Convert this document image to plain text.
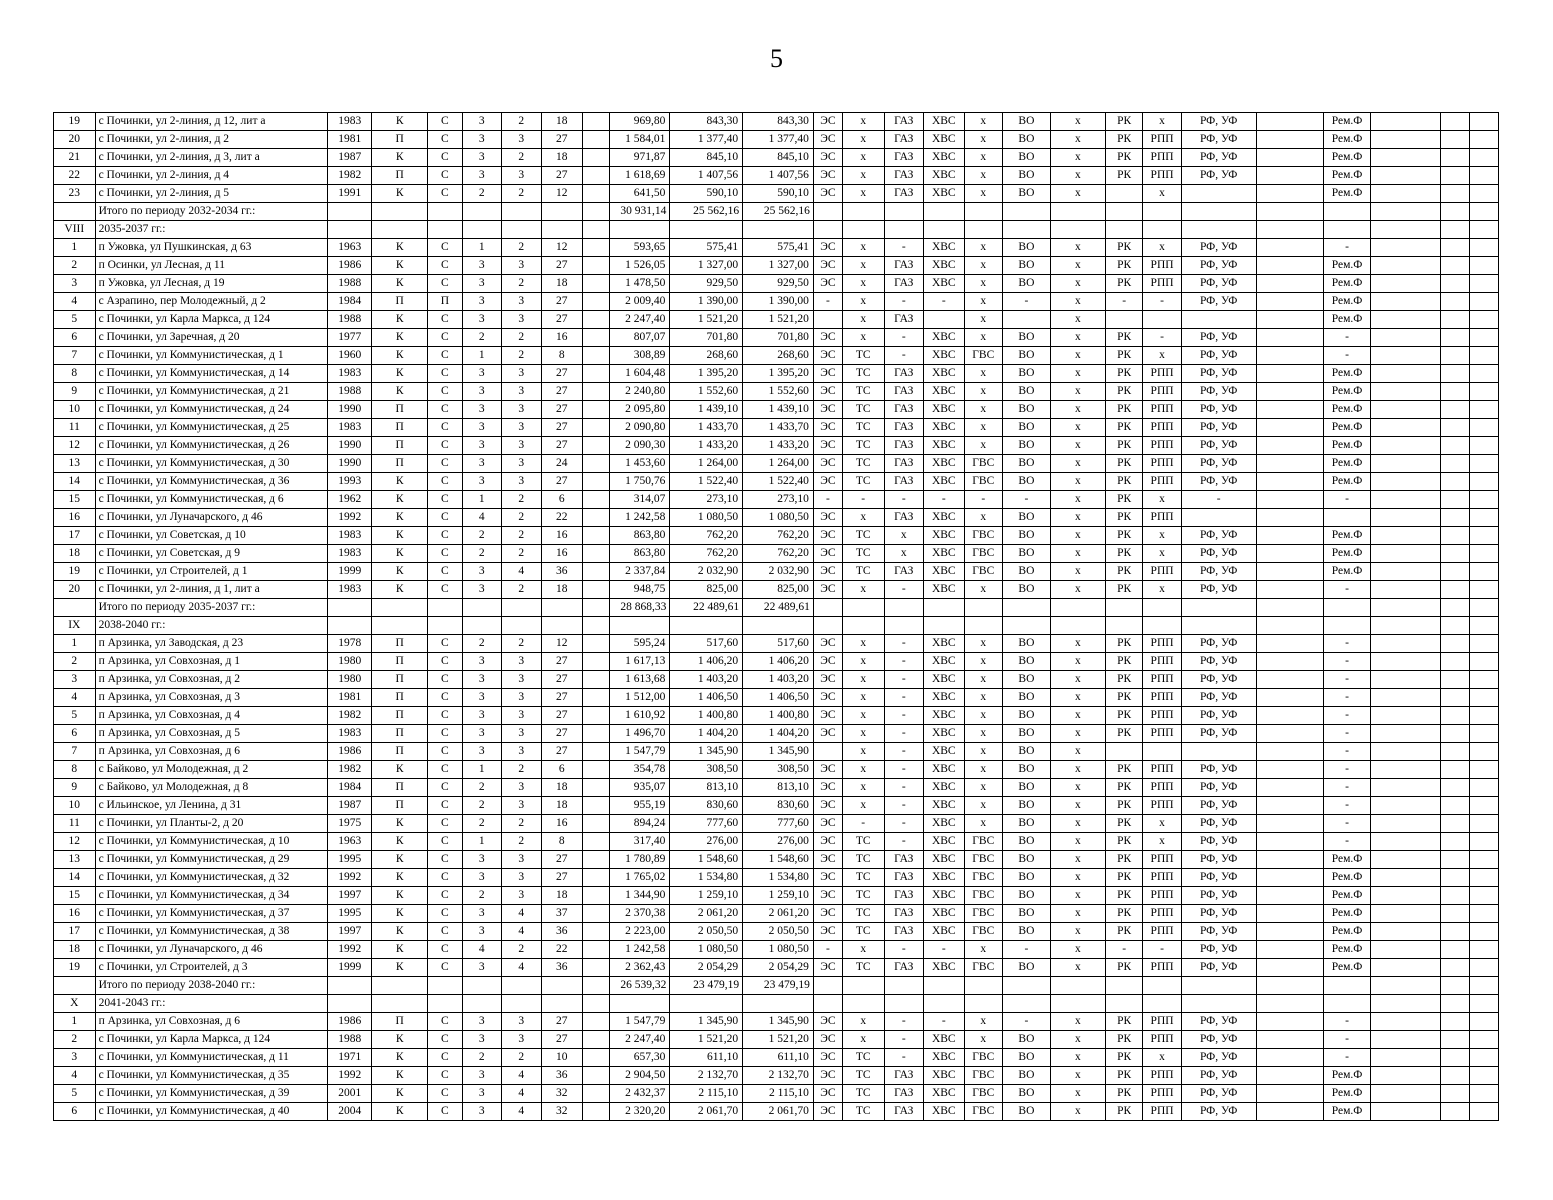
5
19	с Починки, ул 2-линия, д 12, лит а	1983	К	С	3	2	18		969,80	843,30	843,30	ЭС	х	ГАЗ	ХВС	х	ВО	х	РК	х	РФ, УФ		Рем.Ф			
20	с Починки, ул 2-линия, д 2	1981	П	С	3	3	27		1 584,01	1 377,40	1 377,40	ЭС	х	ГАЗ	ХВС	х	ВО	х	РК	РПП	РФ, УФ		Рем.Ф			
21	с Починки, ул 2-линия, д 3, лит а	1987	К	С	3	2	18		971,87	845,10	845,10	ЭС	х	ГАЗ	ХВС	х	ВО	х	РК	РПП	РФ, УФ		Рем.Ф			
22	с Починки, ул 2-линия, д 4	1982	П	С	3	3	27		1 618,69	1 407,56	1 407,56	ЭС	х	ГАЗ	ХВС	х	ВО	х	РК	РПП	РФ, УФ		Рем.Ф			
23	с Починки, ул 2-линия, д 5	1991	К	С	2	2	12		641,50	590,10	590,10	ЭС	х	ГАЗ	ХВС	х	ВО	х		х			Рем.Ф			
	Итого по периоду 2032-2034 гг.:								30 931,14	25 562,16	25 562,16															
VIII	2035-2037 гг.:																									
1	п Ужовка, ул Пушкинская, д 63	1963	К	С	1	2	12		593,65	575,41	575,41	ЭС	х	-	ХВС	х	ВО	х	РК	х	РФ, УФ		-			
2	п Осинки, ул Лесная, д 11	1986	К	С	3	3	27		1 526,05	1 327,00	1 327,00	ЭС	х	ГАЗ	ХВС	х	ВО	х	РК	РПП	РФ, УФ		Рем.Ф			
3	п Ужовка, ул Лесная, д 19	1988	К	С	3	2	18		1 478,50	929,50	929,50	ЭС	х	ГАЗ	ХВС	х	ВО	х	РК	РПП	РФ, УФ		Рем.Ф			
4	с Азрапино, пер Молодежный, д 2	1984	П	П	3	3	27		2 009,40	1 390,00	1 390,00	-	х	-	-	х	-	х	-	-	РФ, УФ		Рем.Ф			
5	с Починки, ул Карла Маркса, д 124	1988	К	С	3	3	27		2 247,40	1 521,20	1 521,20		х	ГАЗ		х		х					Рем.Ф			
6	с Починки, ул Заречная, д 20	1977	К	С	2	2	16		807,07	701,80	701,80	ЭС	х	-	ХВС	х	ВО	х	РК	-	РФ, УФ		-			
7	с Починки, ул Коммунистическая, д 1	1960	К	С	1	2	8		308,89	268,60	268,60	ЭС	ТС	-	ХВС	ГВС	ВО	х	РК	х	РФ, УФ		-			
8	с Починки, ул Коммунистическая, д 14	1983	К	С	3	3	27		1 604,48	1 395,20	1 395,20	ЭС	ТС	ГАЗ	ХВС	х	ВО	х	РК	РПП	РФ, УФ		Рем.Ф			
9	с Починки, ул Коммунистическая, д 21	1988	К	С	3	3	27		2 240,80	1 552,60	1 552,60	ЭС	ТС	ГАЗ	ХВС	х	ВО	х	РК	РПП	РФ, УФ		Рем.Ф			
10	с Починки, ул Коммунистическая, д 24	1990	П	С	3	3	27		2 095,80	1 439,10	1 439,10	ЭС	ТС	ГАЗ	ХВС	х	ВО	х	РК	РПП	РФ, УФ		Рем.Ф			
11	с Починки, ул Коммунистическая, д 25	1983	П	С	3	3	27		2 090,80	1 433,70	1 433,70	ЭС	ТС	ГАЗ	ХВС	х	ВО	х	РК	РПП	РФ, УФ		Рем.Ф			
12	с Починки, ул Коммунистическая, д 26	1990	П	С	3	3	27		2 090,30	1 433,20	1 433,20	ЭС	ТС	ГАЗ	ХВС	х	ВО	х	РК	РПП	РФ, УФ		Рем.Ф			
13	с Починки, ул Коммунистическая, д 30	1990	П	С	3	3	24		1 453,60	1 264,00	1 264,00	ЭС	ТС	ГАЗ	ХВС	ГВС	ВО	х	РК	РПП	РФ, УФ		Рем.Ф			
14	с Починки, ул Коммунистическая, д 36	1993	К	С	3	3	27		1 750,76	1 522,40	1 522,40	ЭС	ТС	ГАЗ	ХВС	ГВС	ВО	х	РК	РПП	РФ, УФ		Рем.Ф			
15	с Починки, ул Коммунистическая, д 6	1962	К	С	1	2	6		314,07	273,10	273,10	-	-	-	-	-	-	х	РК	х	-		-			
16	с Починки, ул Луначарского, д 46	1992	К	С	4	2	22		1 242,58	1 080,50	1 080,50	ЭС	х	ГАЗ	ХВС	х	ВО	х	РК	РПП						
17	с Починки, ул Советская, д 10	1983	К	С	2	2	16		863,80	762,20	762,20	ЭС	ТС	х	ХВС	ГВС	ВО	х	РК	х	РФ, УФ		Рем.Ф			
18	с Починки, ул Советская, д 9	1983	К	С	2	2	16		863,80	762,20	762,20	ЭС	ТС	х	ХВС	ГВС	ВО	х	РК	х	РФ, УФ		Рем.Ф			
19	с Починки, ул Строителей, д 1	1999	К	С	3	4	36		2 337,84	2 032,90	2 032,90	ЭС	ТС	ГАЗ	ХВС	ГВС	ВО	х	РК	РПП	РФ, УФ		Рем.Ф			
20	с Починки, ул 2-линия, д 1, лит а	1983	К	С	3	2	18		948,75	825,00	825,00	ЭС	х	-	ХВС	х	ВО	х	РК	х	РФ, УФ		-			
	Итого по периоду 2035-2037 гг.:								28 868,33	22 489,61	22 489,61															
IX	2038-2040 гг.:																									
1	п Арзинка, ул Заводская, д 23	1978	П	С	2	2	12		595,24	517,60	517,60	ЭС	х	-	ХВС	х	ВО	х	РК	РПП	РФ, УФ		-			
2	п Арзинка, ул Совхозная, д 1	1980	П	С	3	3	27		1 617,13	1 406,20	1 406,20	ЭС	х	-	ХВС	х	ВО	х	РК	РПП	РФ, УФ		-			
3	п Арзинка, ул Совхозная, д 2	1980	П	С	3	3	27		1 613,68	1 403,20	1 403,20	ЭС	х	-	ХВС	х	ВО	х	РК	РПП	РФ, УФ		-			
4	п Арзинка, ул Совхозная, д 3	1981	П	С	3	3	27		1 512,00	1 406,50	1 406,50	ЭС	х	-	ХВС	х	ВО	х	РК	РПП	РФ, УФ		-			
5	п Арзинка, ул Совхозная, д 4	1982	П	С	3	3	27		1 610,92	1 400,80	1 400,80	ЭС	х	-	ХВС	х	ВО	х	РК	РПП	РФ, УФ		-			
6	п Арзинка, ул Совхозная, д 5	1983	П	С	3	3	27		1 496,70	1 404,20	1 404,20	ЭС	х	-	ХВС	х	ВО	х	РК	РПП	РФ, УФ		-			
7	п Арзинка, ул Совхозная, д 6	1986	П	С	3	3	27		1 547,79	1 345,90	1 345,90		х	-	ХВС	х	ВО	х					-			
8	с Байково, ул Молодежная, д 2	1982	К	С	1	2	6		354,78	308,50	308,50	ЭС	х	-	ХВС	х	ВО	х	РК	РПП	РФ, УФ		-			
9	с Байково, ул Молодежная, д 8	1984	П	С	2	3	18		935,07	813,10	813,10	ЭС	х	-	ХВС	х	ВО	х	РК	РПП	РФ, УФ		-			
10	с Ильинское, ул Ленина, д 31	1987	П	С	2	3	18		955,19	830,60	830,60	ЭС	х	-	ХВС	х	ВО	х	РК	РПП	РФ, УФ		-			
11	с Починки, ул Планты-2, д 20	1975	К	С	2	2	16		894,24	777,60	777,60	ЭС	-	-	ХВС	х	ВО	х	РК	х	РФ, УФ		-			
12	с Починки, ул Коммунистическая, д 10	1963	К	С	1	2	8		317,40	276,00	276,00	ЭС	ТС	-	ХВС	ГВС	ВО	х	РК	х	РФ, УФ		-			
13	с Починки, ул Коммунистическая, д 29	1995	К	С	3	3	27		1 780,89	1 548,60	1 548,60	ЭС	ТС	ГАЗ	ХВС	ГВС	ВО	х	РК	РПП	РФ, УФ		Рем.Ф			
14	с Починки, ул Коммунистическая, д 32	1992	К	С	3	3	27		1 765,02	1 534,80	1 534,80	ЭС	ТС	ГАЗ	ХВС	ГВС	ВО	х	РК	РПП	РФ, УФ		Рем.Ф			
15	с Починки, ул Коммунистическая, д 34	1997	К	С	2	3	18		1 344,90	1 259,10	1 259,10	ЭС	ТС	ГАЗ	ХВС	ГВС	ВО	х	РК	РПП	РФ, УФ		Рем.Ф			
16	с Починки, ул Коммунистическая, д 37	1995	К	С	3	4	37		2 370,38	2 061,20	2 061,20	ЭС	ТС	ГАЗ	ХВС	ГВС	ВО	х	РК	РПП	РФ, УФ		Рем.Ф			
17	с Починки, ул Коммунистическая, д 38	1997	К	С	3	4	36		2 223,00	2 050,50	2 050,50	ЭС	ТС	ГАЗ	ХВС	ГВС	ВО	х	РК	РПП	РФ, УФ		Рем.Ф			
18	с Починки, ул Луначарского, д 46	1992	К	С	4	2	22		1 242,58	1 080,50	1 080,50	-	х	-	-	х	-	х	-	-	РФ, УФ		Рем.Ф			
19	с Починки, ул Строителей, д 3	1999	К	С	3	4	36		2 362,43	2 054,29	2 054,29	ЭС	ТС	ГАЗ	ХВС	ГВС	ВО	х	РК	РПП	РФ, УФ		Рем.Ф			
	Итого по периоду 2038-2040 гг.:								26 539,32	23 479,19	23 479,19															
X	2041-2043 гг.:																									
1	п Арзинка, ул Совхозная, д 6	1986	П	С	3	3	27		1 547,79	1 345,90	1 345,90	ЭС	х	-	-	х	-	х	РК	РПП	РФ, УФ		-			
2	с Починки, ул Карла Маркса, д 124	1988	К	С	3	3	27		2 247,40	1 521,20	1 521,20	ЭС	х	-	ХВС	х	ВО	х	РК	РПП	РФ, УФ		-			
3	с Починки, ул Коммунистическая, д 11	1971	К	С	2	2	10		657,30	611,10	611,10	ЭС	ТС	-	ХВС	ГВС	ВО	х	РК	х	РФ, УФ		-			
4	с Починки, ул Коммунистическая, д 35	1992	К	С	3	4	36		2 904,50	2 132,70	2 132,70	ЭС	ТС	ГАЗ	ХВС	ГВС	ВО	х	РК	РПП	РФ, УФ		Рем.Ф			
5	с Починки, ул Коммунистическая, д 39	2001	К	С	3	4	32		2 432,37	2 115,10	2 115,10	ЭС	ТС	ГАЗ	ХВС	ГВС	ВО	х	РК	РПП	РФ, УФ		Рем.Ф			
6	с Починки, ул Коммунистическая, д 40	2004	К	С	3	4	32		2 320,20	2 061,70	2 061,70	ЭС	ТС	ГАЗ	ХВС	ГВС	ВО	х	РК	РПП	РФ, УФ		Рем.Ф			
